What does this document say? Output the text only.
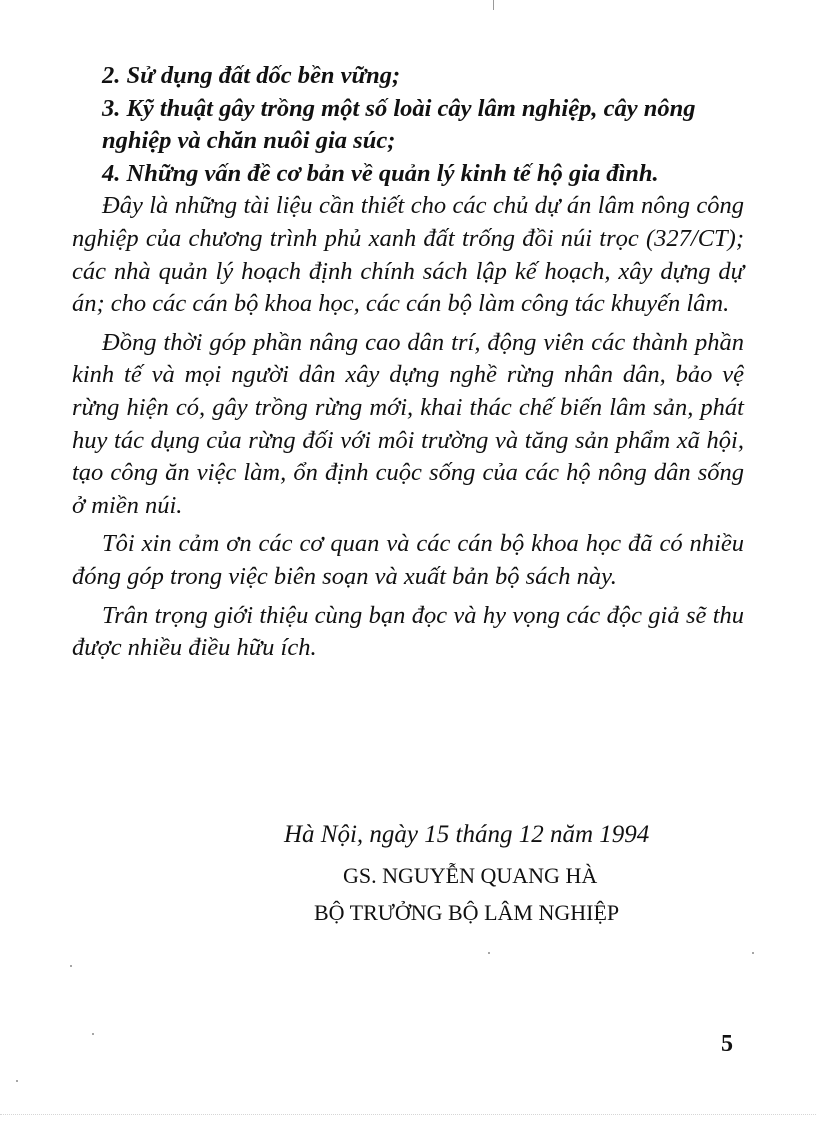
2. Sử dụng đất dốc bền vững;

3. Kỹ thuật gây trồng một số loài cây lâm nghiệp, cây nông nghiệp và chăn nuôi gia súc;

4. Những vấn đề cơ bản về quản lý kinh tế hộ gia đình.

Đây là những tài liệu cần thiết cho các chủ dự án lâm nông công nghiệp của chương trình phủ xanh đất trống đồi núi trọc (327/CT); các nhà quản lý hoạch định chính sách lập kế hoạch, xây dựng dự án; cho các cán bộ khoa học, các cán bộ làm công tác khuyến lâm.

Đồng thời góp phần nâng cao dân trí, động viên các thành phần kinh tế và mọi người dân xây dựng nghề rừng nhân dân, bảo vệ rừng hiện có, gây trồng rừng mới, khai thác chế biến lâm sản, phát huy tác dụng của rừng đối với môi trường và tăng sản phẩm xã hội, tạo công ăn việc làm, ổn định cuộc sống của các hộ nông dân sống ở miền núi.

Tôi xin cảm ơn các cơ quan và các cán bộ khoa học đã có nhiều đóng góp trong việc biên soạn và xuất bản bộ sách này.

Trân trọng giới thiệu cùng bạn đọc và hy vọng các độc giả sẽ thu được nhiều điều hữu ích.

Hà Nội, ngày 15 tháng 12 năm 1994
GS. NGUYỄN QUANG HÀ
BỘ TRƯỞNG BỘ LÂM NGHIỆP
5
